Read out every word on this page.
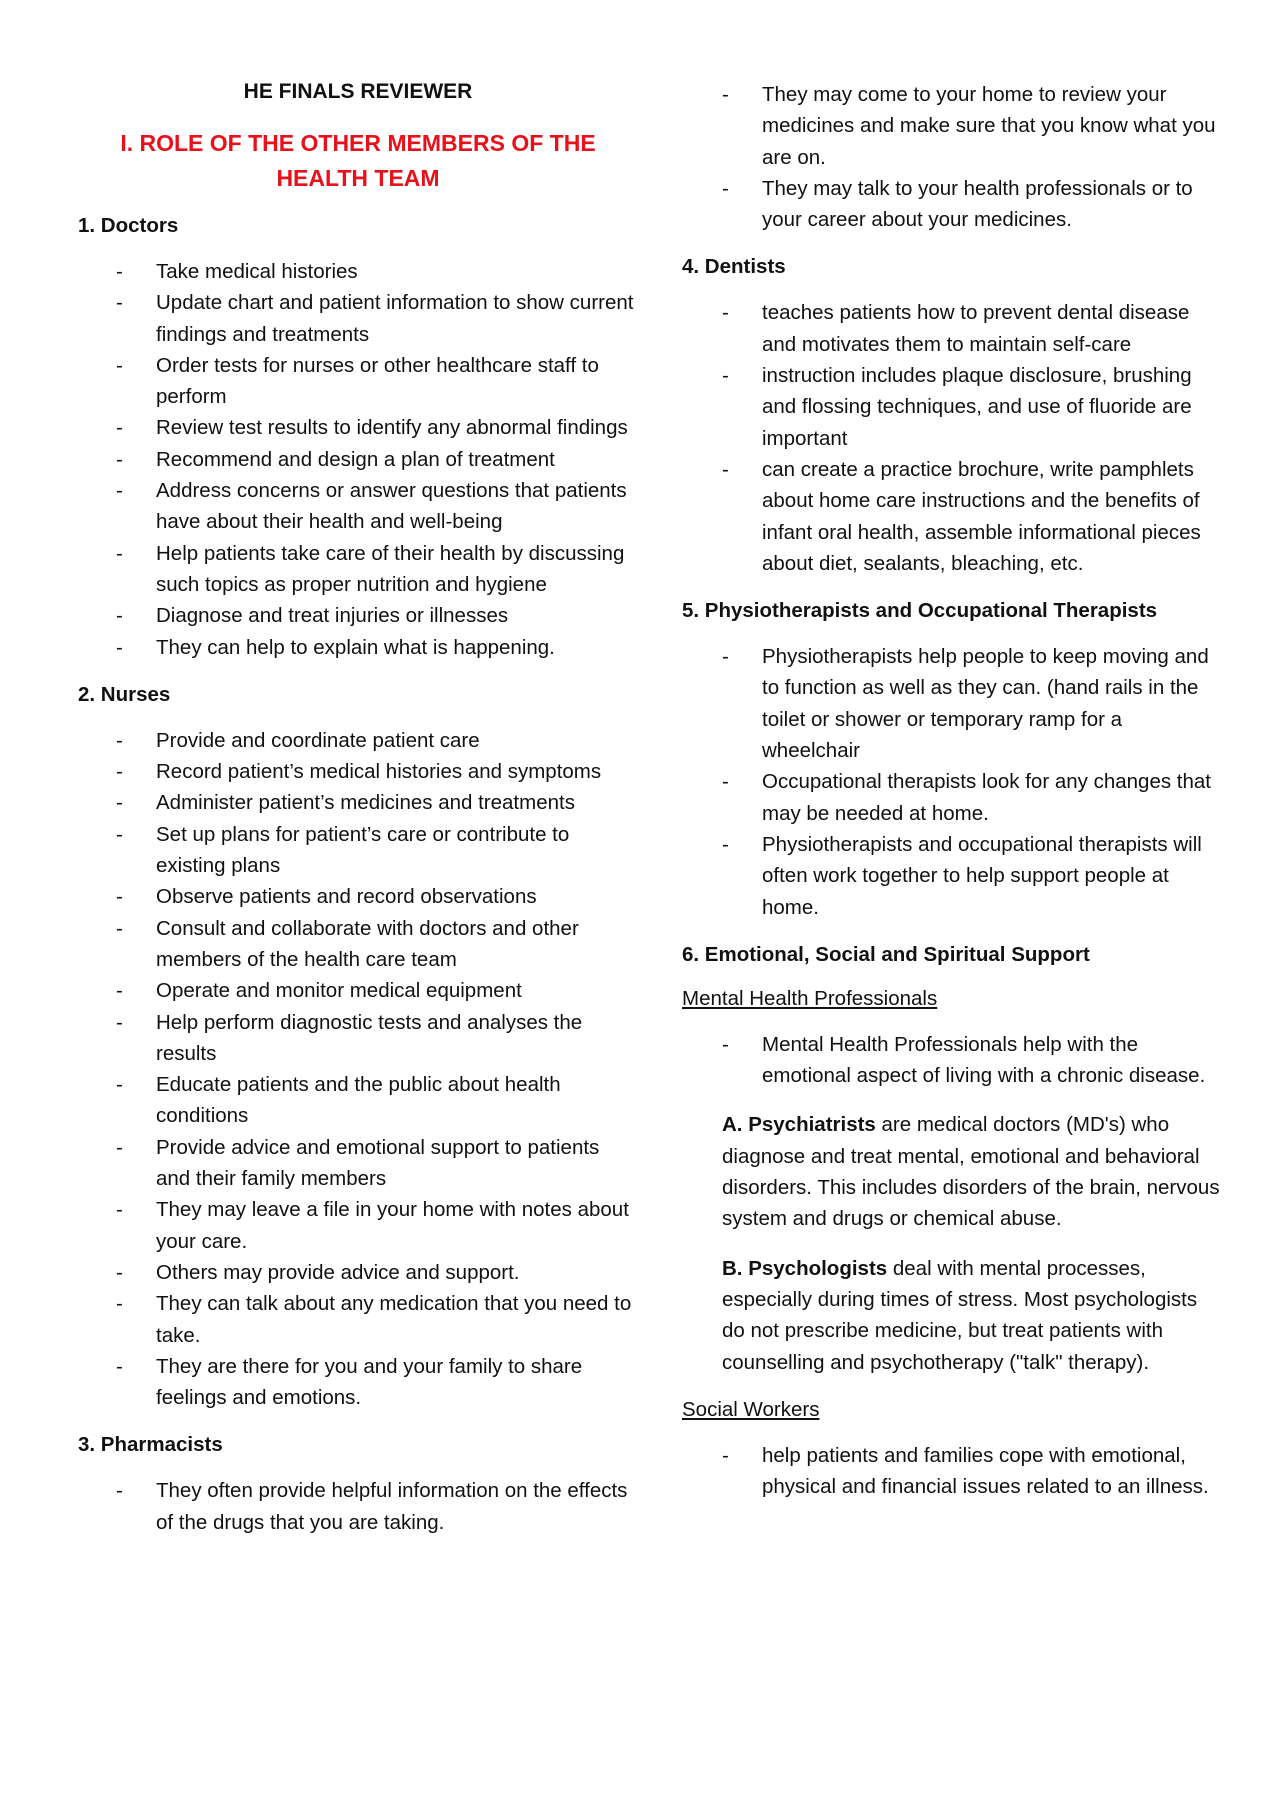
HE FINALS REVIEWER
I. ROLE OF THE OTHER MEMBERS OF THE
HEALTH TEAM
1. Doctors
- Take medical histories
- Update chart and patient information to show current findings and treatments
- Order tests for nurses or other healthcare staff to perform
- Review test results to identify any abnormal findings
- Recommend and design a plan of treatment
- Address concerns or answer questions that patients have about their health and well-being
- Help patients take care of their health by discussing such topics as proper nutrition and hygiene
- Diagnose and treat injuries or illnesses
- They can help to explain what is happening.
2. Nurses
- Provide and coordinate patient care
- Record patient’s medical histories and symptoms
- Administer patient’s medicines and treatments
- Set up plans for patient’s care or contribute to existing plans
- Observe patients and record observations
- Consult and collaborate with doctors and other members of the health care team
- Operate and monitor medical equipment
- Help perform diagnostic tests and analyses the results
- Educate patients and the public about health conditions
- Provide advice and emotional support to patients and their family members
- They may leave a file in your home with notes about your care.
- Others may provide advice and support.
- They can talk about any medication that you need to take.
- They are there for you and your family to share feelings and emotions.
3. Pharmacists
- They often provide helpful information on the effects of the drugs that you are taking.
- They may come to your home to review your medicines and make sure that you know what you are on.
- They may talk to your health professionals or to your career about your medicines.
4. Dentists
- teaches patients how to prevent dental disease and motivates them to maintain self-care
- instruction includes plaque disclosure, brushing and flossing techniques, and use of fluoride are important
- can create a practice brochure, write pamphlets about home care instructions and the benefits of infant oral health, assemble informational pieces about diet, sealants, bleaching, etc.
5. Physiotherapists and Occupational Therapists
- Physiotherapists help people to keep moving and to function as well as they can. (hand rails in the toilet or shower or temporary ramp for a wheelchair
- Occupational therapists look for any changes that may be needed at home.
- Physiotherapists and occupational therapists will often work together to help support people at home.
6. Emotional, Social and Spiritual Support
Mental Health Professionals
- Mental Health Professionals help with the emotional aspect of living with a chronic disease.

A. Psychiatrists are medical doctors (MD's) who diagnose and treat mental, emotional and behavioral disorders. This includes disorders of the brain, nervous system and drugs or chemical abuse.

B. Psychologists deal with mental processes, especially during times of stress. Most psychologists do not prescribe medicine, but treat patients with counselling and psychotherapy ("talk" therapy).

Social Workers
- help patients and families cope with emotional, physical and financial issues related to an illness.
